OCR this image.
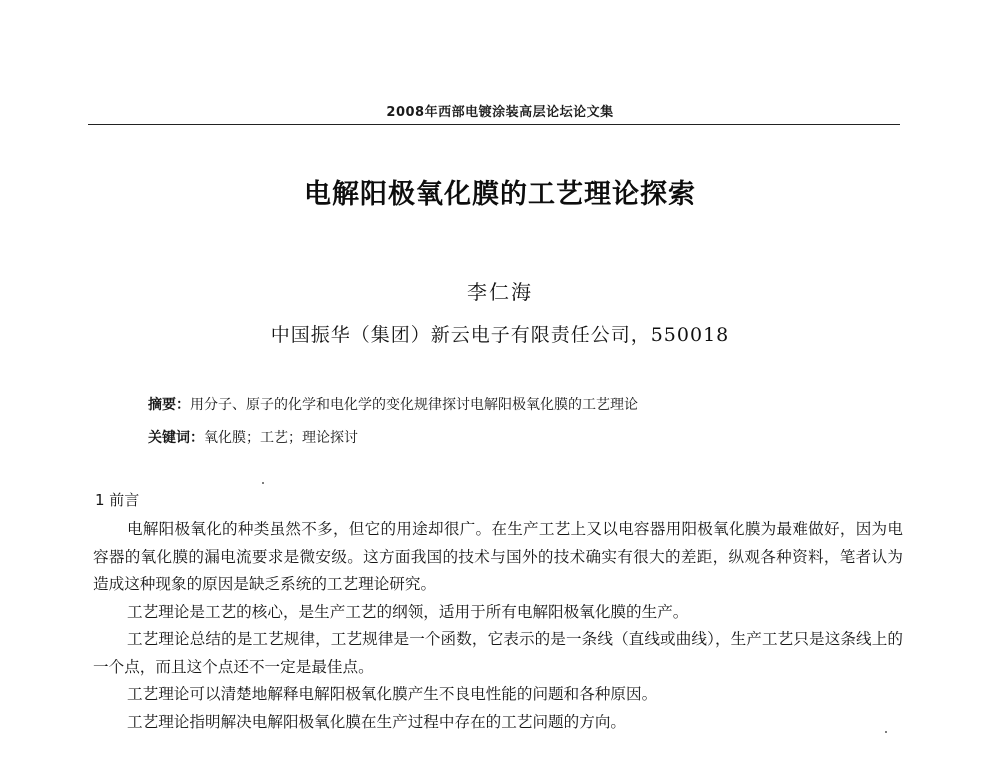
2008年西部电镀涂装高层论坛论文集
电解阳极氧化膜的工艺理论探索
李仁海
中国振华（集团）新云电子有限责任公司，550018
摘要：用分子、原子的化学和电化学的变化规律探讨电解阳极氧化膜的工艺理论
关键词：氧化膜；工艺；理论探讨
1 前言

电解阳极氧化的种类虽然不多，但它的用途却很广。在生产工艺上又以电容器用阳极氧化膜为最难做好，因为电容器的氧化膜的漏电流要求是微安级。这方面我国的技术与国外的技术确实有很大的差距，纵观各种资料，笔者认为造成这种现象的原因是缺乏系统的工艺理论研究。

工艺理论是工艺的核心，是生产工艺的纲领，适用于所有电解阳极氧化膜的生产。

工艺理论总结的是工艺规律，工艺规律是一个函数，它表示的是一条线（直线或曲线），生产工艺只是这条线上的一个点，而且这个点还不一定是最佳点。

工艺理论可以清楚地解释电解阳极氧化膜产生不良电性能的问题和各种原因。

工艺理论指明解决电解阳极氧化膜在生产过程中存在的工艺问题的方向。
